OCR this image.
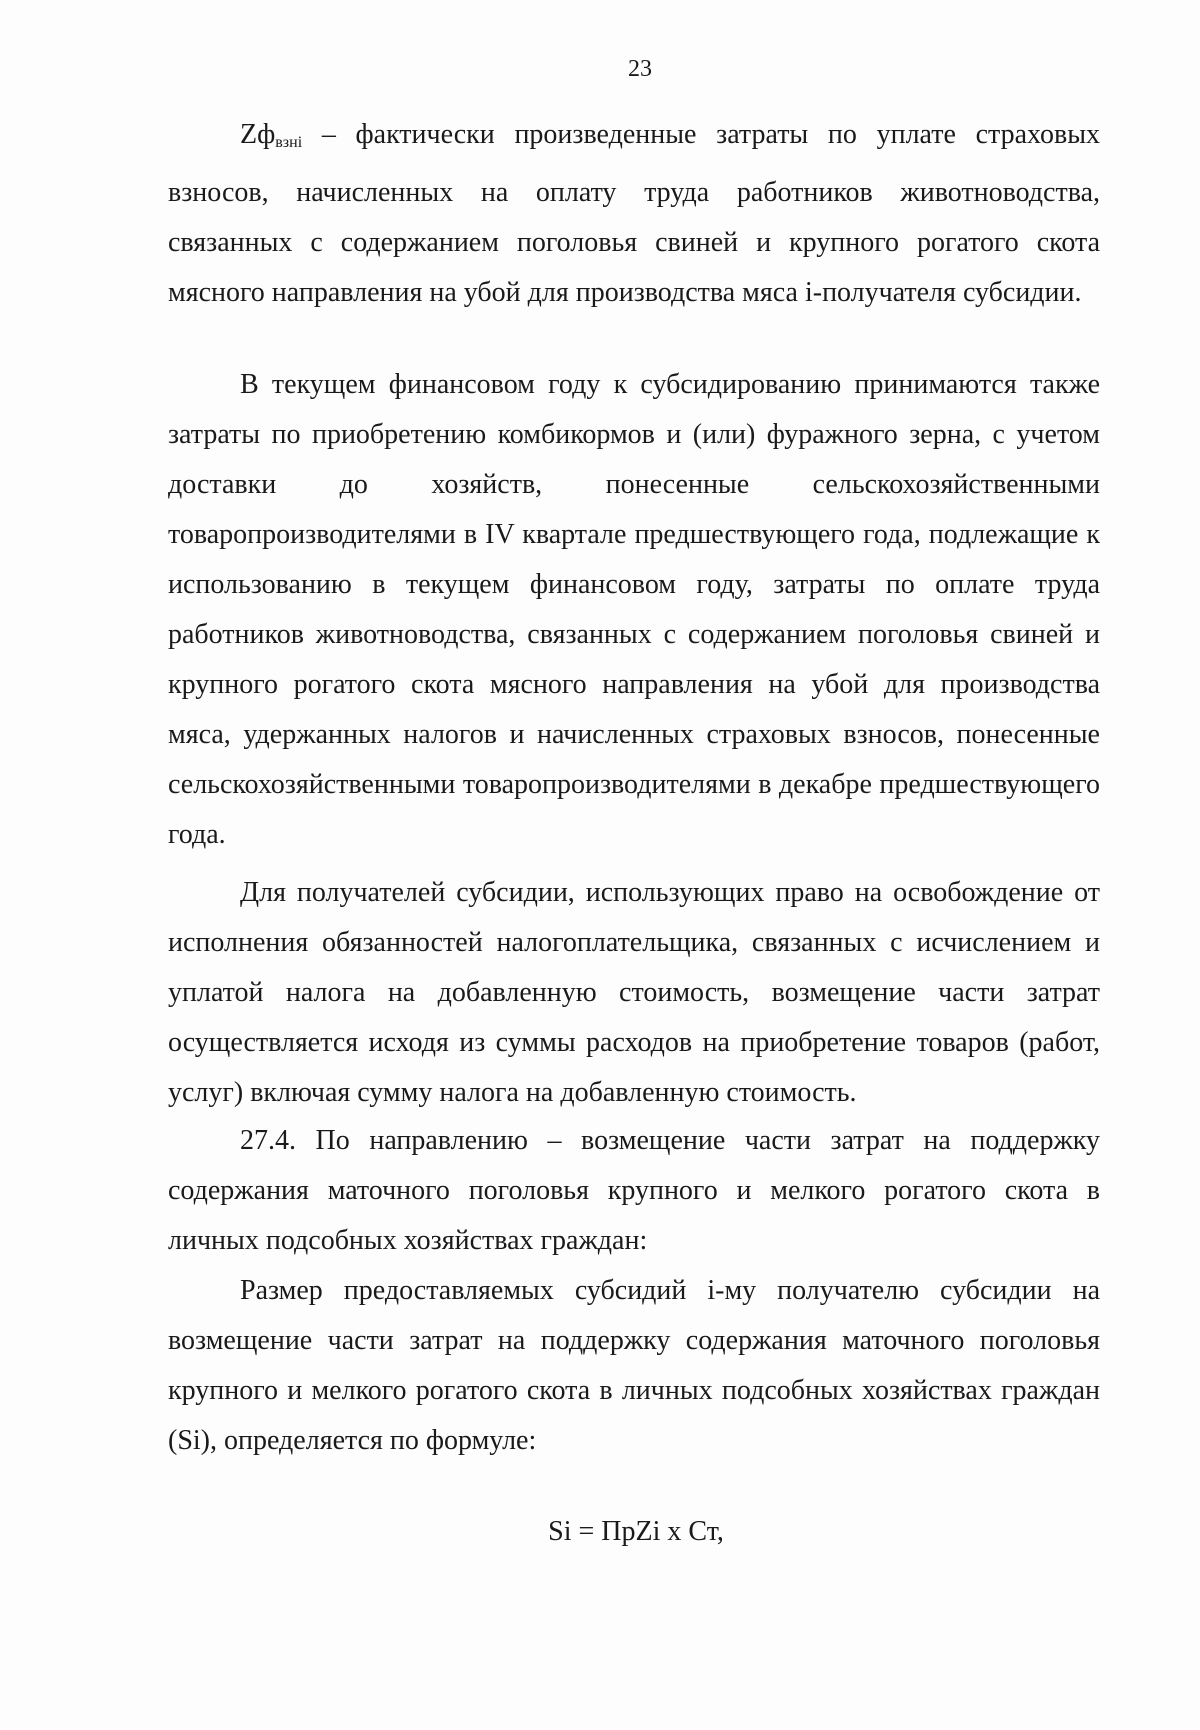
23

$Zф_{взнi}$ – фактически произведенные затраты по уплате страховых взносов, начисленных на оплату труда работников животноводства, связанных с содержанием поголовья свиней и крупного рогатого скота мясного направления на убой для производства мяса i-получателя субсидии.

В текущем финансовом году к субсидированию принимаются также затраты по приобретению комбикормов и (или) фуражного зерна, с учетом доставки до хозяйств, понесенные сельскохозяйственными товаропроизводителями в IV квартале предшествующего года, подлежащие к использованию в текущем финансовом году, затраты по оплате труда работников животноводства, связанных с содержанием поголовья свиней и крупного рогатого скота мясного направления на убой для производства мяса, удержанных налогов и начисленных страховых взносов, понесенные сельскохозяйственными товаропроизводителями в декабре предшествующего года.

Для получателей субсидии, использующих право на освобождение от исполнения обязанностей налогоплательщика, связанных с исчислением и уплатой налога на добавленную стоимость, возмещение части затрат осуществляется исходя из суммы расходов на приобретение товаров (работ, услуг) включая сумму налога на добавленную стоимость.

27.4. По направлению – возмещение части затрат на поддержку содержания маточного поголовья крупного и мелкого рогатого скота в личных подсобных хозяйствах граждан:

Размер предоставляемых субсидий i-му получателю субсидии на возмещение части затрат на поддержку содержания маточного поголовья крупного и мелкого рогатого скота в личных подсобных хозяйствах граждан (Si), определяется по формуле:

Si = ПрZi x Ст,
